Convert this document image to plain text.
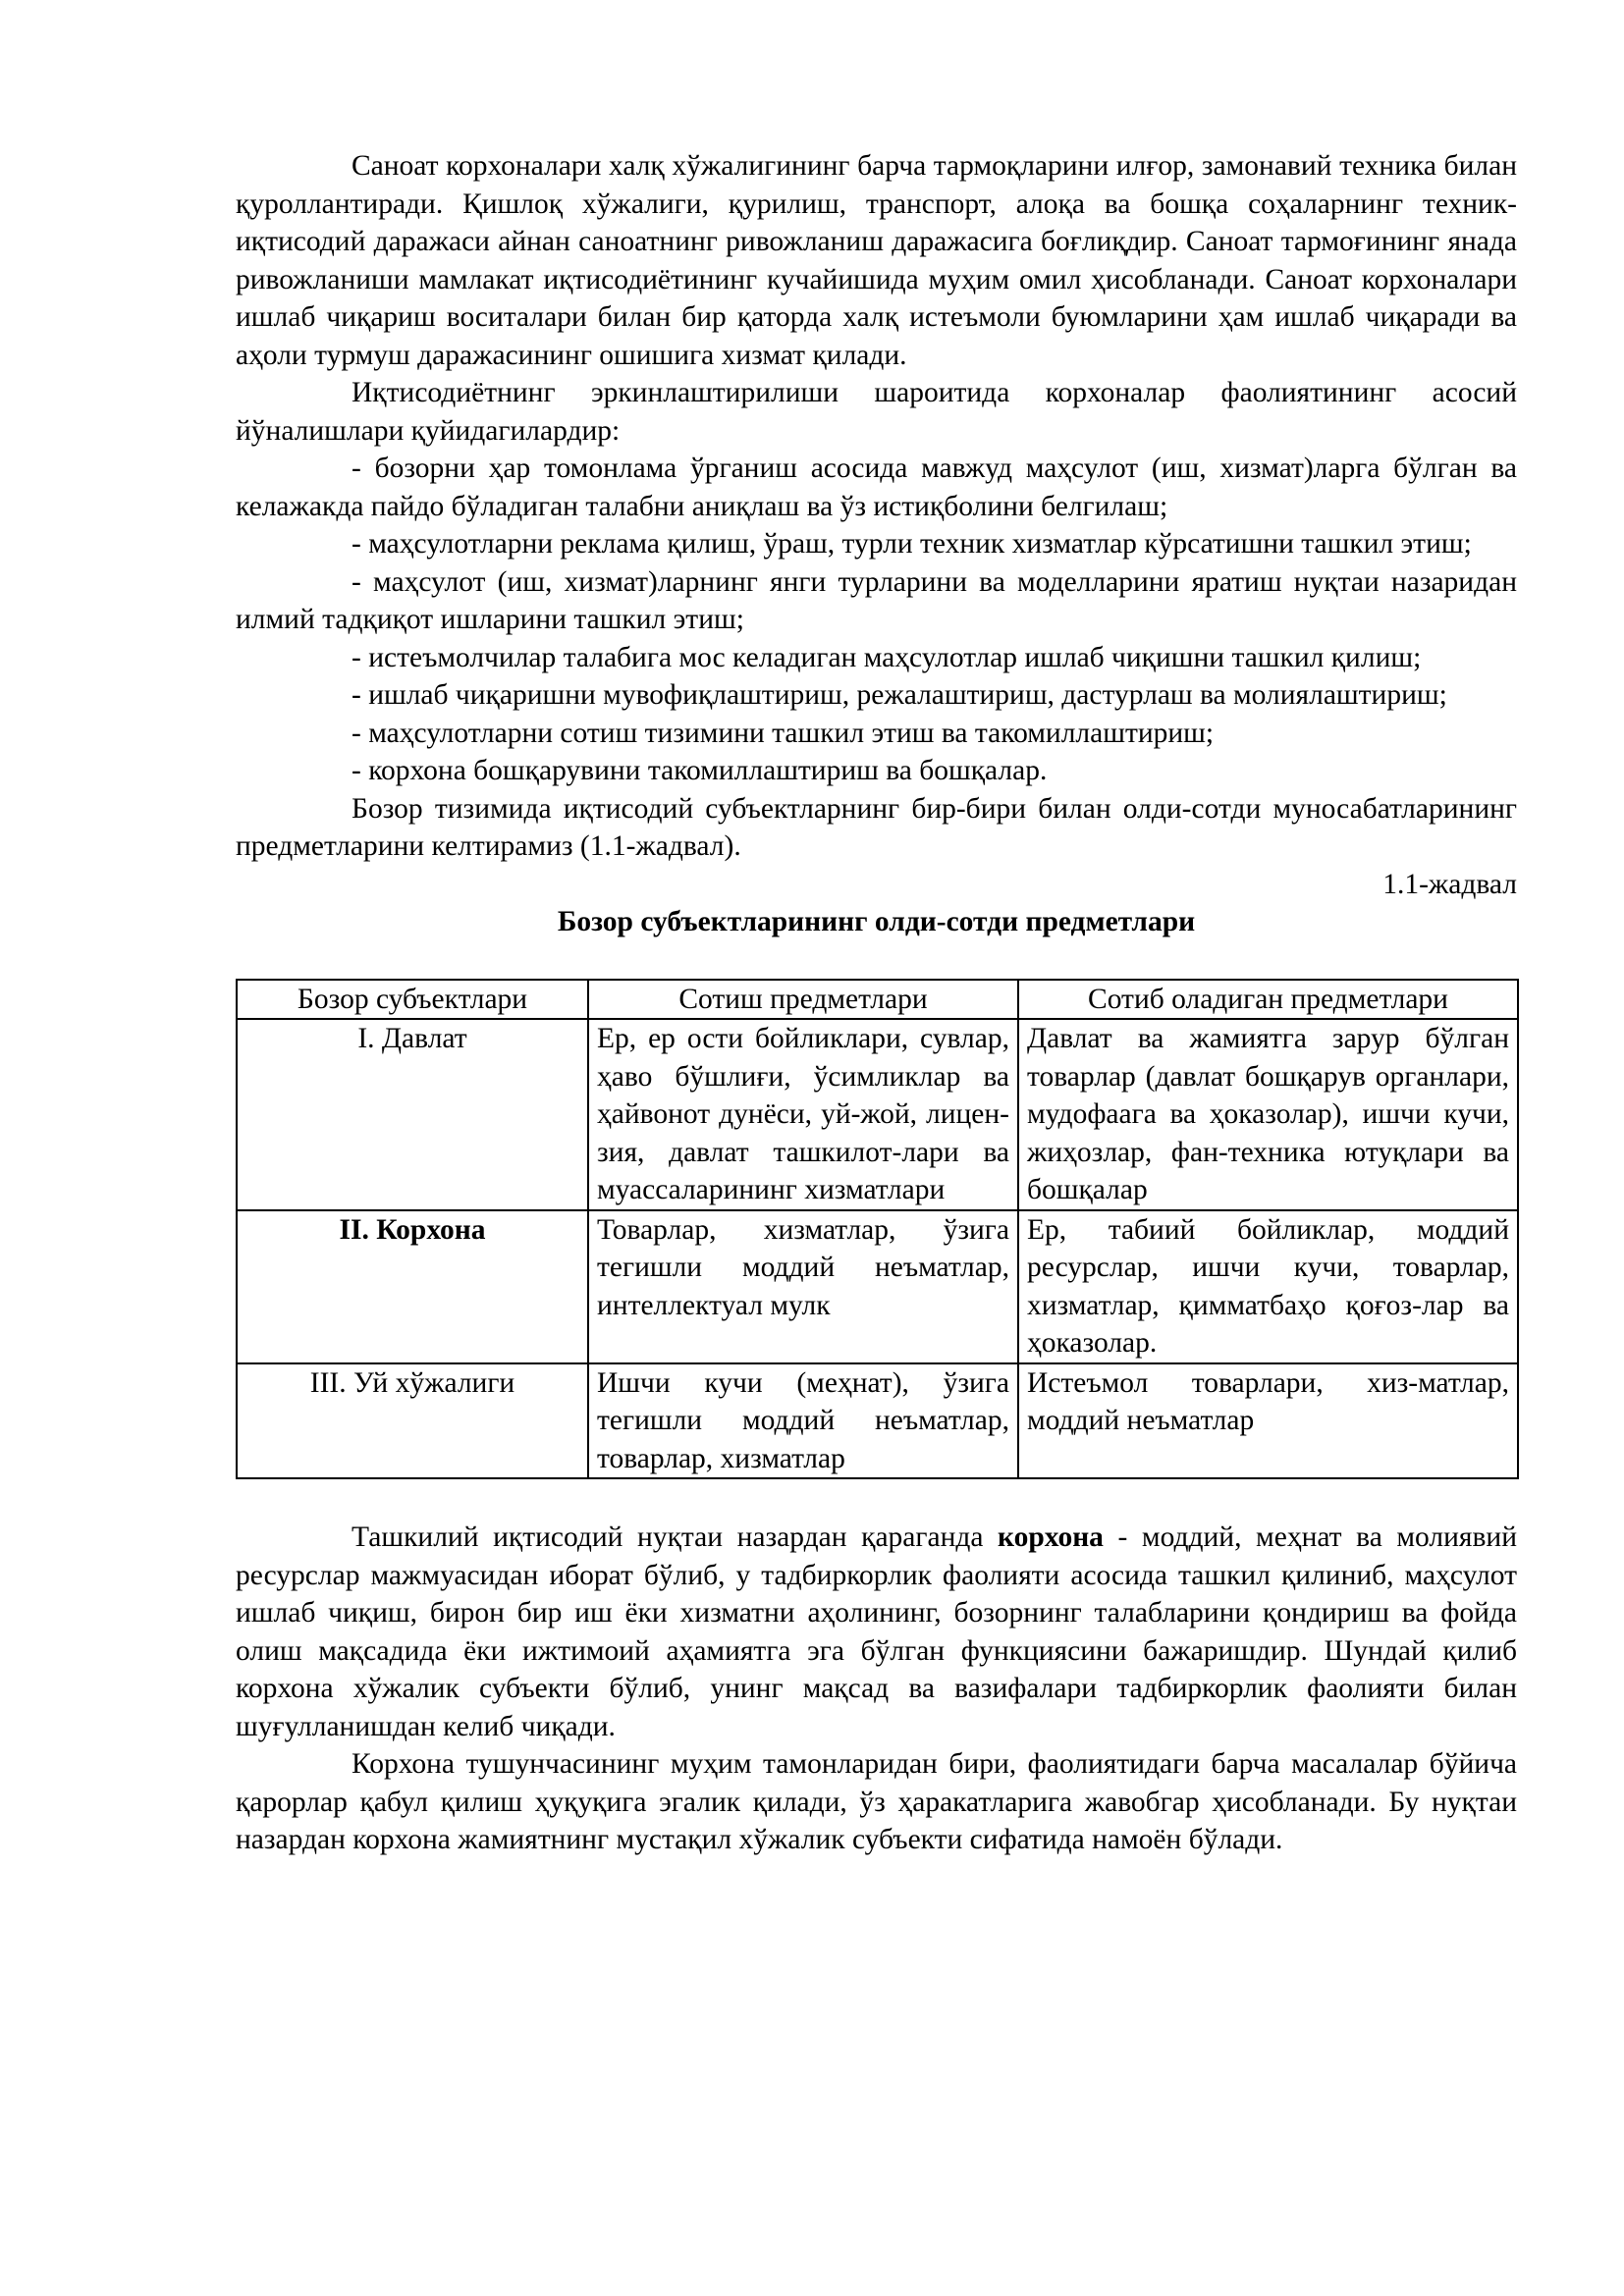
Саноат корхоналари халқ хўжалигининг барча тармоқларини илғор, замонавий техника билан қуроллантиради. Қишлоқ хўжалиги, қурилиш, транспорт, алоқа ва бошқа соҳаларнинг техник-иқтисодий даражаси айнан саноатнинг ривожланиш даражасига боғлиқдир. Саноат тармоғининг янада ривожланиши мамлакат иқтисодиётининг кучайишида муҳим омил ҳисобланади. Саноат корхоналари ишлаб чиқариш воситалари билан бир қаторда халқ истеъмоли буюмларини ҳам ишлаб чиқаради ва аҳоли турмуш даражасининг ошишига хизмат қилади.

Иқтисодиётнинг эркинлаштирилиши шароитида корхоналар фаолиятининг асосий йўналишлари қуйидагилардир:

- бозорни ҳар томонлама ўрганиш асосида мавжуд маҳсулот (иш, хизмат)ларга бўлган ва келажакда пайдо бўладиган талабни аниқлаш ва ўз истиқболини белгилаш;

- маҳсулотларни реклама қилиш, ўраш, турли техник хизматлар кўрсатишни ташкил этиш;

- маҳсулот (иш, хизмат)ларнинг янги турларини ва моделларини яратиш нуқтаи назаридан илмий тадқиқот ишларини ташкил этиш;

- истеъмолчилар талабига мос келадиган маҳсулотлар ишлаб чиқишни ташкил қилиш;

- ишлаб чиқаришни мувофиқлаштириш, режалаштириш, дастурлаш ва молиялаштириш;

- маҳсулотларни сотиш тизимини ташкил этиш ва такомиллаштириш;

- корхона бошқарувини такомиллаштириш ва бошқалар.

Бозор тизимида иқтисодий субъектларнинг бир-бири билан олди-сотди муносабатларининг предметларини келтирамиз (1.1-жадвал).

1.1-жадвал

Бозор субъектларининг олди-сотди предметлари

Бозор субъектлари	Сотиш предметлари	Сотиб оладиган предметлари
I. Давлат	Ер, ер ости бойликлари, сувлар, ҳаво бўшлиғи, ўсимликлар ва ҳайвонот дунёси, уй-жой, лицен-зия, давлат ташкилот-лари ва муассаларининг хизматлари	Давлат ва жамиятга зарур бўлган товарлар (давлат бошқарув органлари, мудофаага ва ҳоказолар), ишчи кучи, жиҳозлар, фан-техника ютуқлари ва бошқалар
II. Корхона	Товарлар, хизматлар, ўзига тегишли моддий неъматлар, интеллектуал мулк	Ер, табиий бойликлар, моддий ресурслар, ишчи кучи, товарлар, хизматлар, қимматбаҳо қоғоз-лар ва ҳоказолар.
III. Уй хўжалиги	Ишчи кучи (меҳнат), ўзига тегишли моддий неъматлар, товарлар, хизматлар	Истеъмол товарлари, хиз-матлар, моддий неъматлар

Ташкилий иқтисодий нуқтаи назардан қараганда корхона - моддий, меҳнат ва молиявий ресурслар мажмуасидан иборат бўлиб, у тадбиркорлик фаолияти асосида ташкил қилиниб, маҳсулот ишлаб чиқиш, бирон бир иш ёки хизматни аҳолининг, бозорнинг талабларини қондириш ва фойда олиш мақсадида ёки ижтимоий аҳамиятга эга бўлган функциясини бажаришдир. Шундай қилиб корхона хўжалик субъекти бўлиб, унинг мақсад ва вазифалари тадбиркорлик фаолияти билан шуғулланишдан келиб чиқади.

Корхона тушунчасининг муҳим тамонларидан бири, фаолиятидаги барча масалалар бўйича қарорлар қабул қилиш ҳуқуқига эгалик қилади, ўз ҳаракатларига жавобгар ҳисобланади. Бу нуқтаи назардан корхона жамиятнинг мустақил хўжалик субъекти сифатида намоён бўлади.
